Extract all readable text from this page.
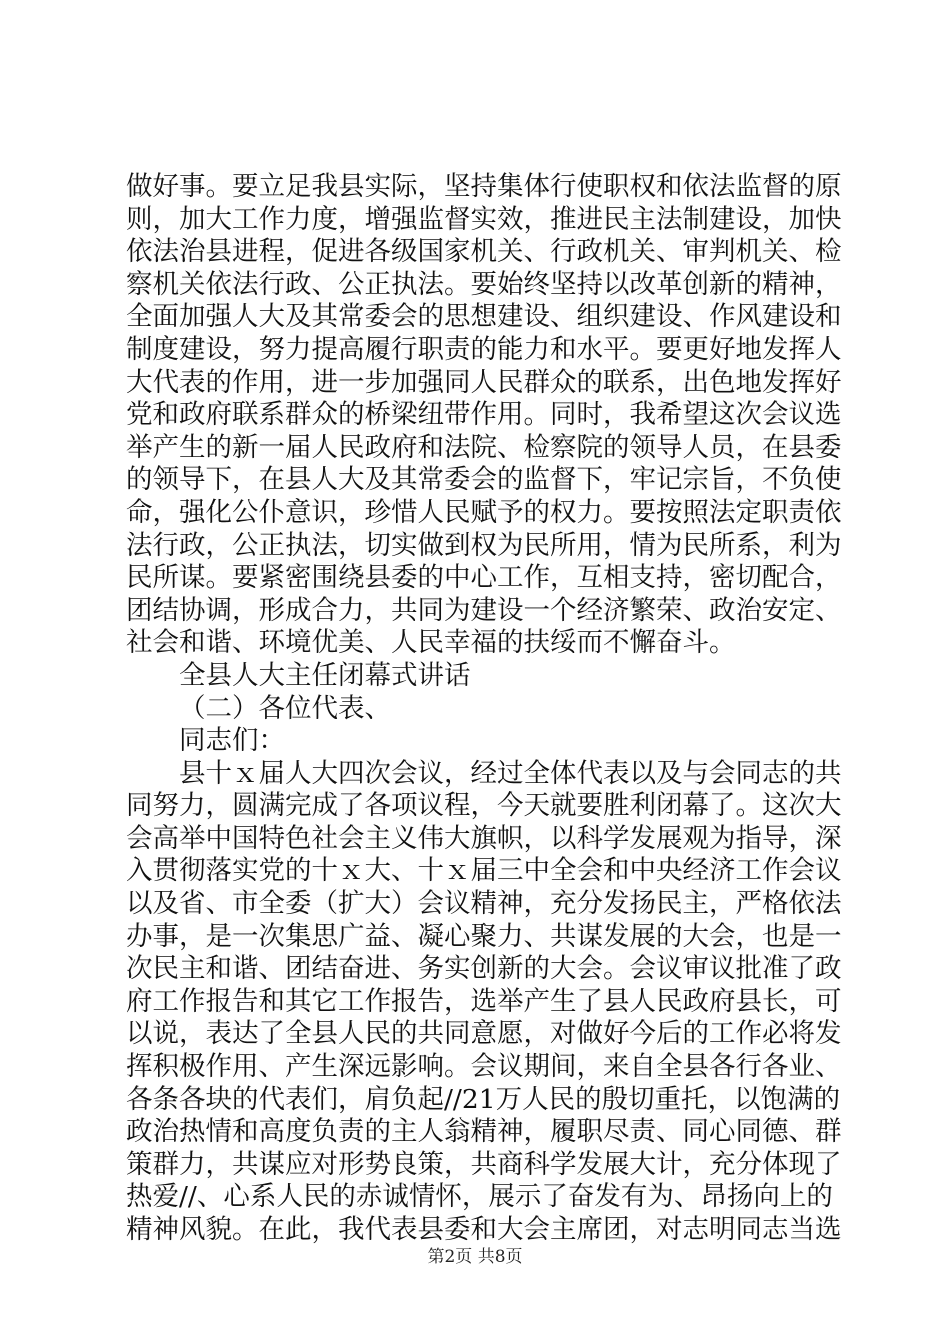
做好事。要立足我县实际，坚持集体行使职权和依法监督的原
则，加大工作力度，增强监督实效，推进民主法制建设，加快
依法治县进程，促进各级国家机关、行政机关、审判机关、检
察机关依法行政、公正执法。要始终坚持以改革创新的精神，
全面加强人大及其常委会的思想建设、组织建设、作风建设和
制度建设，努力提高履行职责的能力和水平。要更好地发挥人
大代表的作用，进一步加强同人民群众的联系，出色地发挥好
党和政府联系群众的桥梁纽带作用。同时，我希望这次会议选
举产生的新一届人民政府和法院、检察院的领导人员，在县委
的领导下，在县人大及其常委会的监督下，牢记宗旨，不负使
命，强化公仆意识，珍惜人民赋予的权力。要按照法定职责依
法行政，公正执法，切实做到权为民所用，情为民所系，利为
民所谋。要紧密围绕县委的中心工作，互相支持，密切配合，
团结协调，形成合力，共同为建设一个经济繁荣、政治安定、
社会和谐、环境优美、人民幸福的扶绥而不懈奋斗。
全县人大主任闭幕式讲话
（二）各位代表、
同志们：
县十ｘ届人大四次会议，经过全体代表以及与会同志的共
同努力，圆满完成了各项议程，今天就要胜利闭幕了。这次大
会高举中国特色社会主义伟大旗帜，以科学发展观为指导，深
入贯彻落实党的十ｘ大、十ｘ届三中全会和中央经济工作会议
以及省、市全委（扩大）会议精神，充分发扬民主，严格依法
办事，是一次集思广益、凝心聚力、共谋发展的大会，也是一
次民主和谐、团结奋进、务实创新的大会。会议审议批准了政
府工作报告和其它工作报告，选举产生了县人民政府县长，可
以说，表达了全县人民的共同意愿，对做好今后的工作必将发
挥积极作用、产生深远影响。会议期间，来自全县各行各业、
各条各块的代表们，肩负起//21万人民的殷切重托，以饱满的
政治热情和高度负责的主人翁精神，履职尽责、同心同德、群
策群力，共谋应对形势良策，共商科学发展大计，充分体现了
热爱//、心系人民的赤诚情怀，展示了奋发有为、昂扬向上的
精神风貌。在此，我代表县委和大会主席团，对志明同志当选
第2页 共8页
